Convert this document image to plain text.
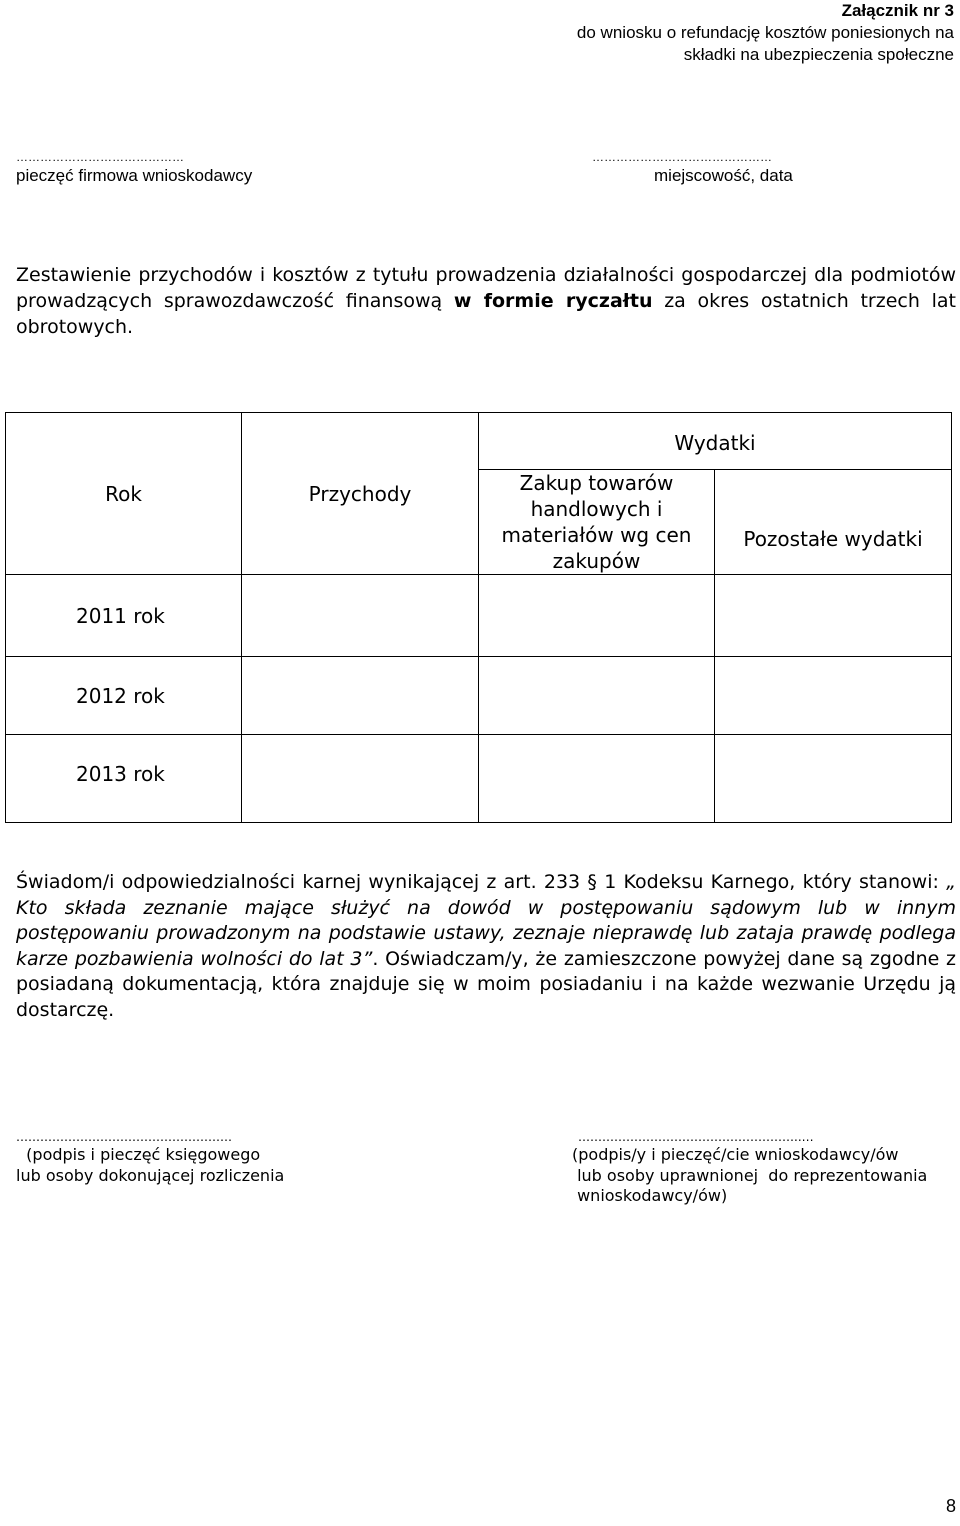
Załącznik nr 3
do wniosku o refundację kosztów poniesionych na
składki na ubezpieczenia społeczne
……………………………………
pieczęć firmowa wnioskodawcy
………………………………………
miejscowość, data
Zestawienie przychodów i kosztów z tytułu prowadzenia działalności gospodarczej dla podmiotów prowadzących sprawozdawczość finansową w formie ryczałtu za okres ostatnich trzech lat obrotowych.
Rok	Przychody	Wydatki	
		Zakup towarów handlowych i materiałów wg cen zakupów	Pozostałe wydatki
2011 rok			
2012 rok			
2013 rok			
Świadom/i odpowiedzialności karnej wynikającej z art. 233 § 1 Kodeksu Karnego, który stanowi: „ Kto składa zeznanie mające służyć na dowód w postępowaniu sądowym lub w innym postępowaniu prowadzonym na podstawie ustawy, zeznaje nieprawdę lub zataja prawdę podlega karze pozbawienia wolności do lat 3”. Oświadczam/y, że zamieszczone powyżej dane są zgodne z posiadaną dokumentacją, która znajduje się w moim posiadaniu i na każde wezwanie Urzędu ją dostarczę.
………………………………………………
(podpis i pieczęć księgowego
lub osoby dokonującej rozliczenia
………………………………………………..…
(podpis/y i pieczęć/cie wnioskodawcy/ów
lub osoby uprawnionej  do reprezentowania
wnioskodawcy/ów)
8
